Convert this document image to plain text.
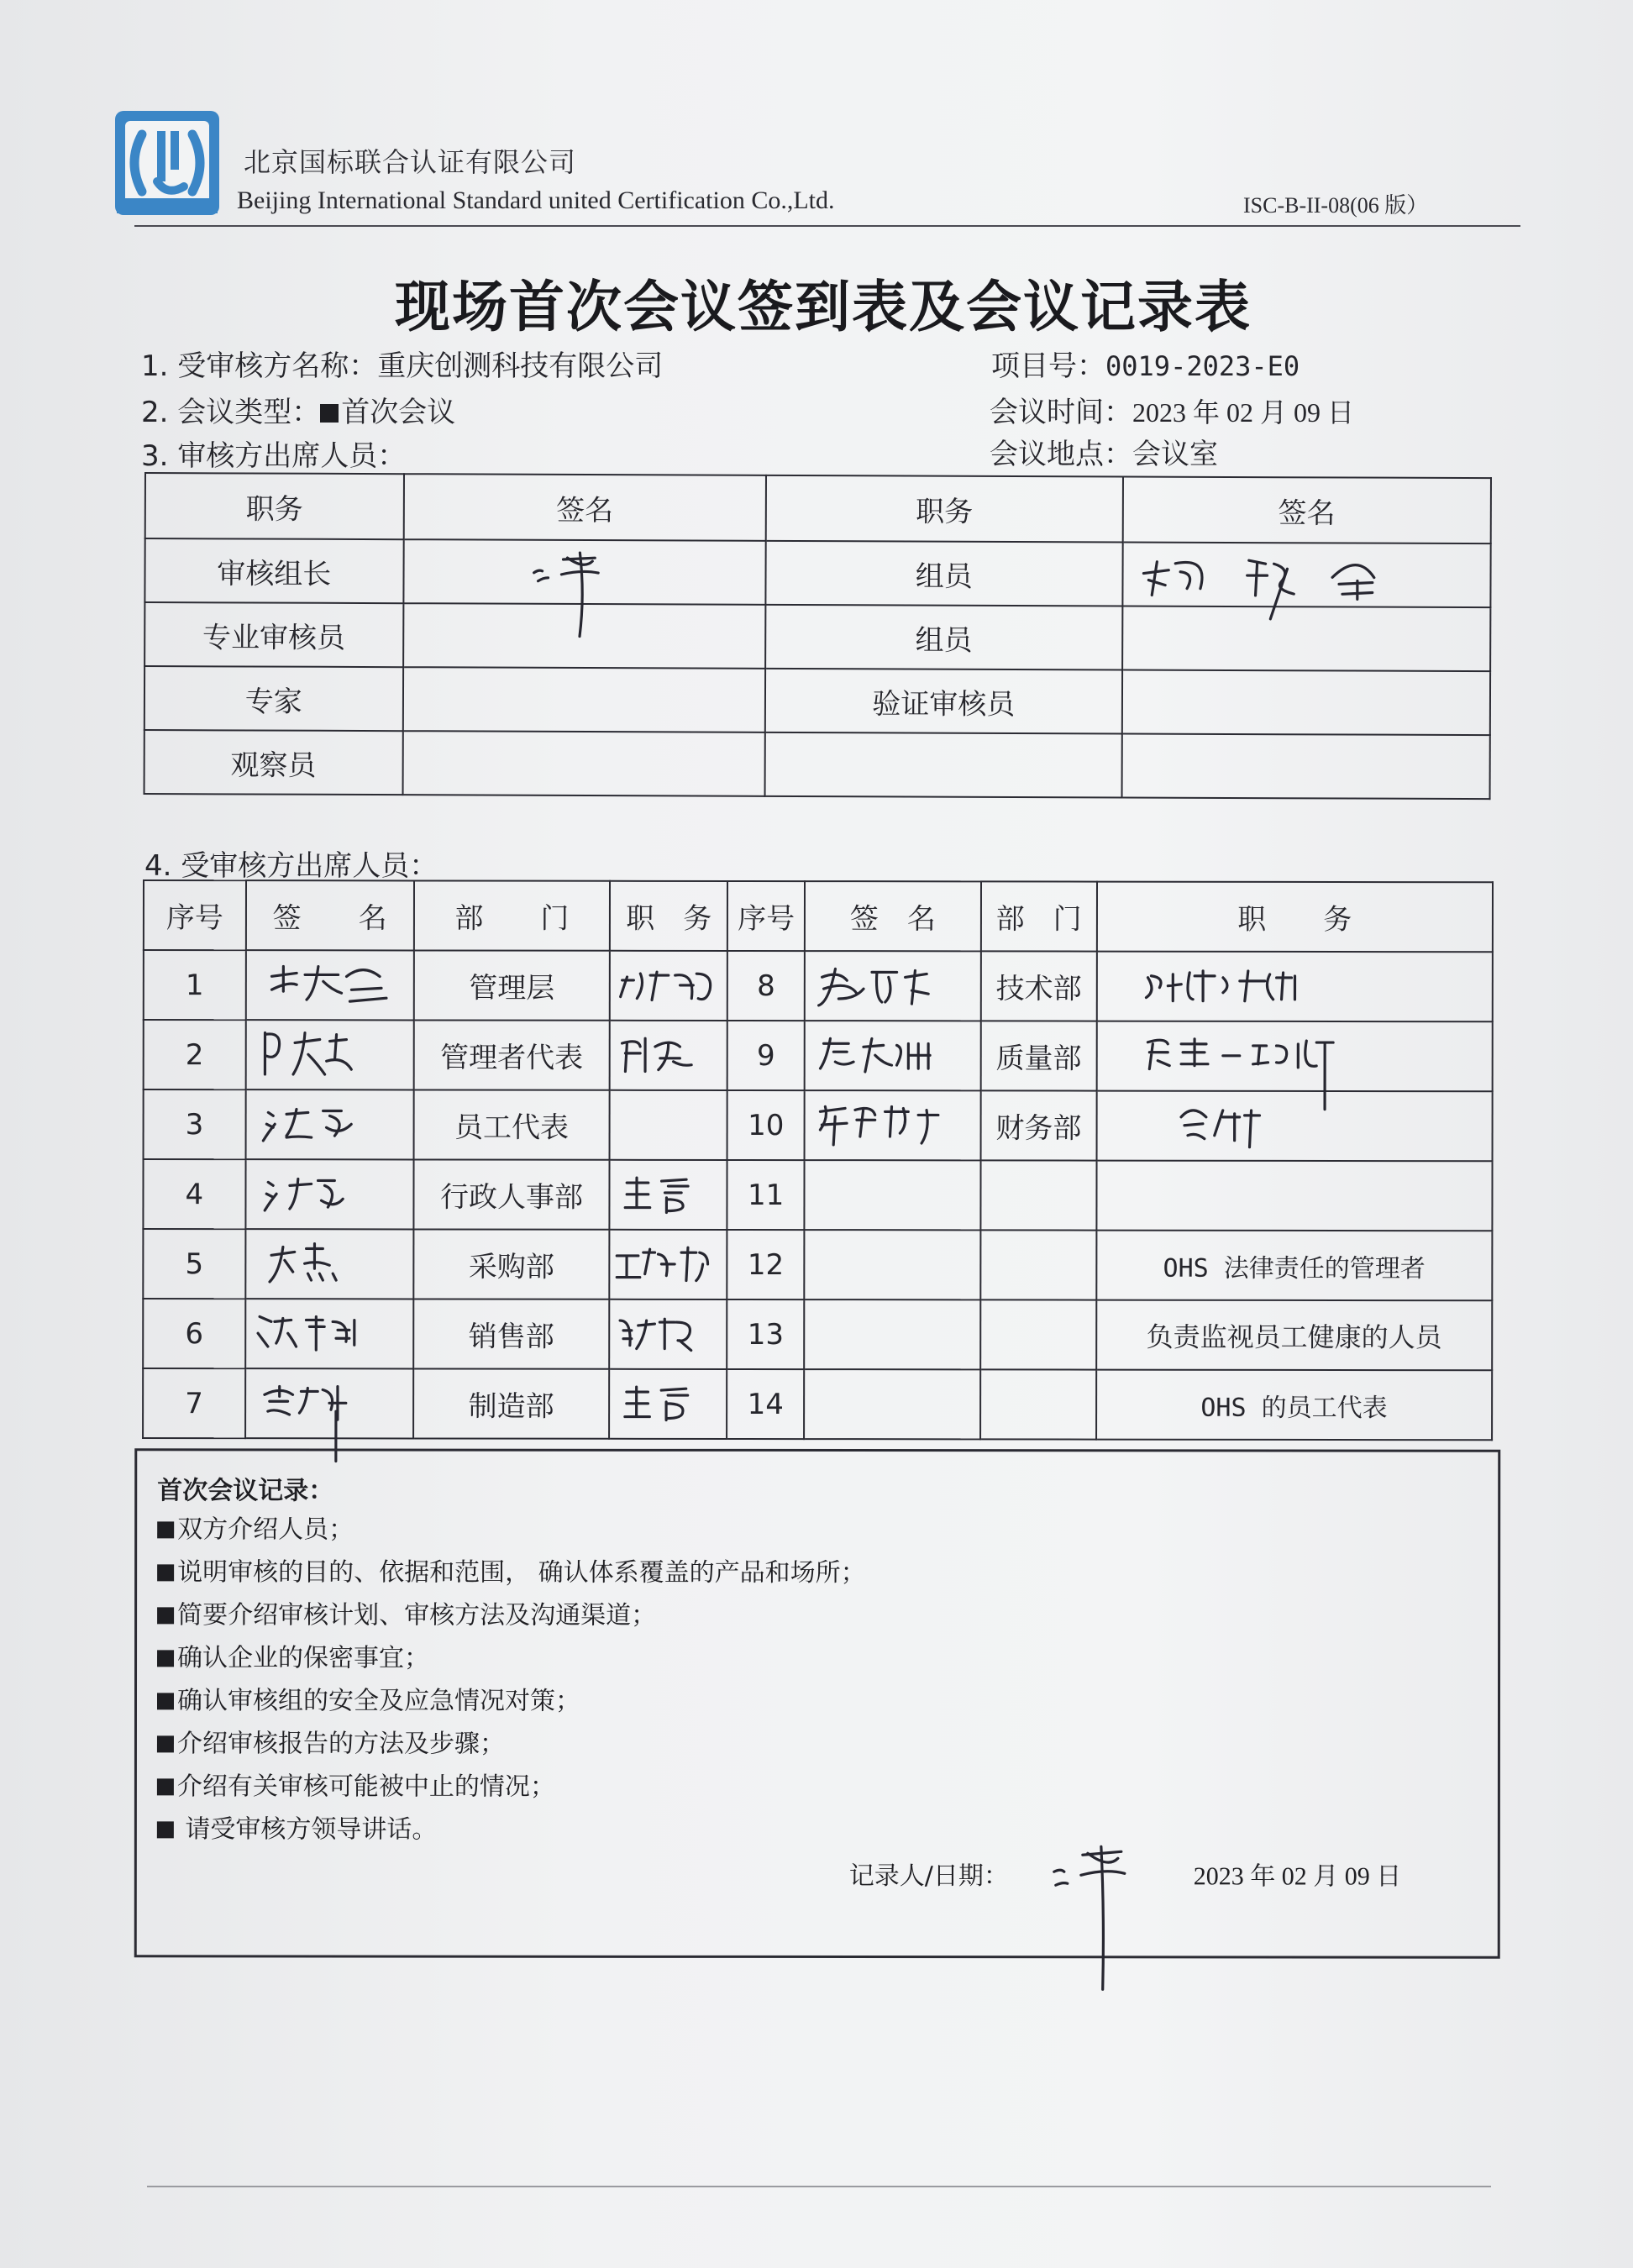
北京国标联合认证有限公司
Beijing International Standard united Certification Co.,Ltd.	ISC-B-II-08(06 版）
现场首次会议签到表及会议记录表
1. 受审核方名称：重庆创测科技有限公司	项目号：0019-2023-E0
2. 会议类型： 首次会议	会议时间：2023 年 02 月 09 日
3. 审核方出席人员：	会议地点：会议室
职务	签名	职务	签名
审核组长		组员	

专业审核员		组员	
专家		验证审核员	
观察员			
4. 受审核方出席人员：
序号	签　　名	部　　门	职　务	序号	签　名	部　门	职　　务
1		管理层		8		技术部	

2		管理者代表		9		质量部	

3		员工代表		10		财务部	

4		行政人事部		11			
5		采购部		12			OHS 法律责任的管理者
6		销售部		13			负责监视员工健康的人员
7		制造部		14			OHS 的员工代表
首次会议记录：
双方介绍人员；
说明审核的目的、依据和范围， 确认体系覆盖的产品和场所；
简要介绍审核计划、审核方法及沟通渠道；
确认企业的保密事宜；
确认审核组的安全及应急情况对策；
介绍审核报告的方法及步骤；
介绍有关审核可能被中止的情况；
请受审核方领导讲话。
记录人/日期：	2023 年 02 月 09 日
